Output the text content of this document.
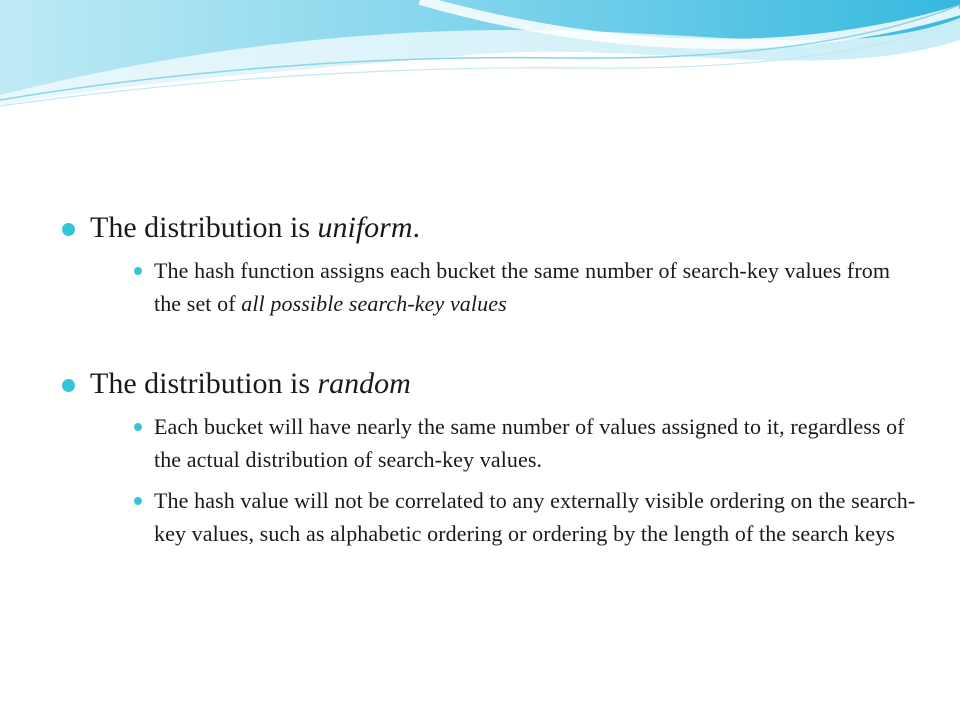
The distribution is uniform.
The hash function assigns each bucket the same number of search-key values from the set of all possible search-key values
The distribution is random
Each bucket will have nearly the same number of values assigned to it, regardless of the actual distribution of search-key values.
The hash value will not be correlated to any externally visible ordering on the search-key values, such as alphabetic ordering or ordering by the length of the search keys
